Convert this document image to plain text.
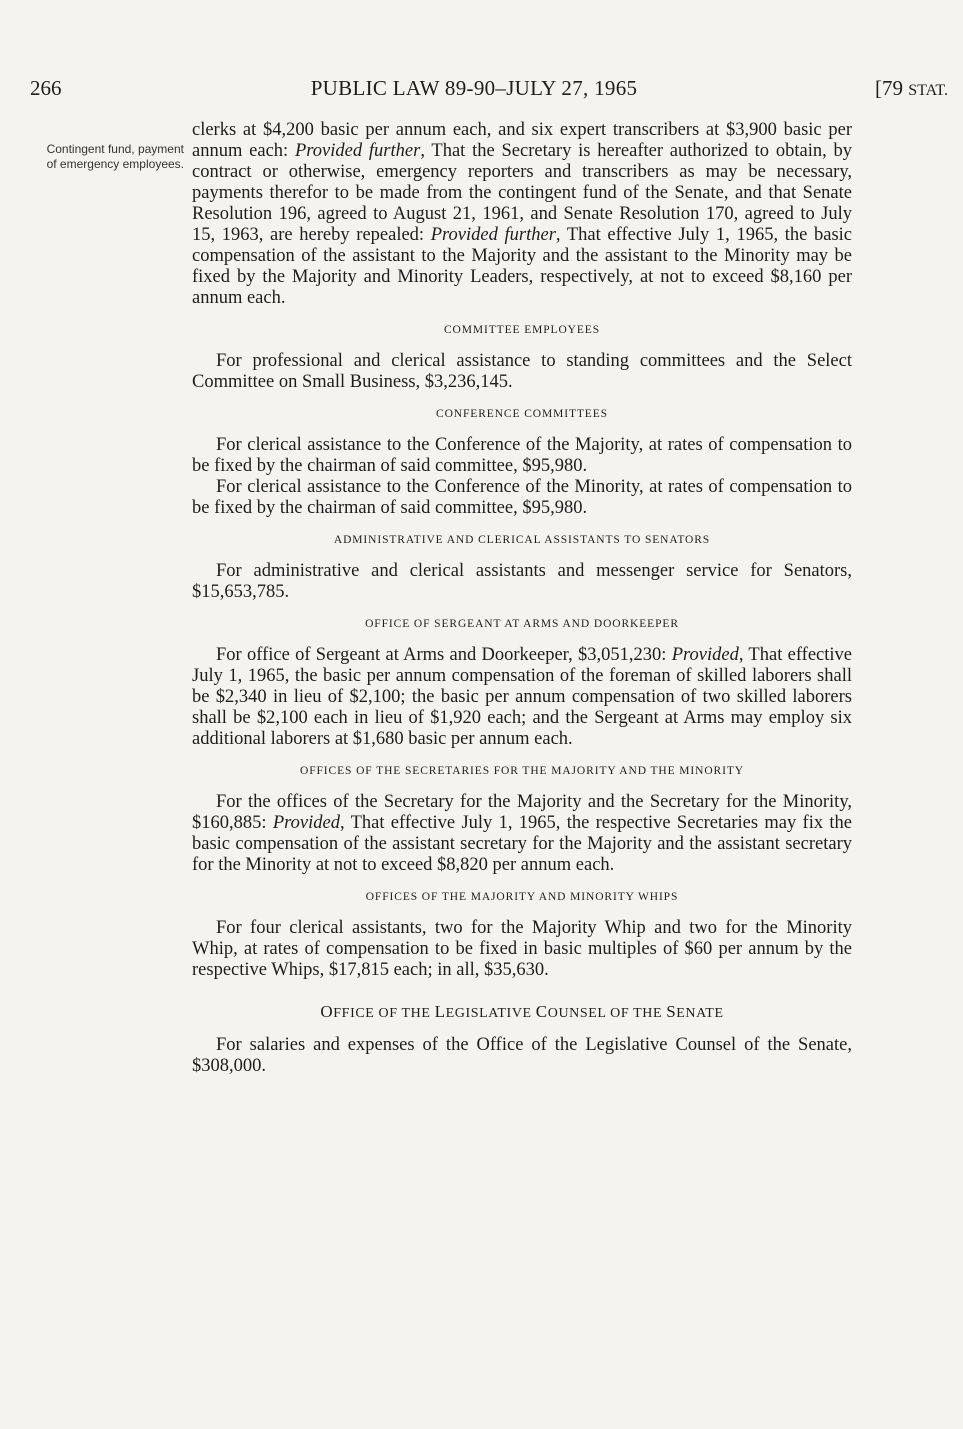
266	PUBLIC LAW 89-90–JULY 27, 1965	[79 STAT.
Contingent fund, payment of emergency employees.

clerks at $4,200 basic per annum each, and six expert transcribers at $3,900 basic per annum each: Provided further, That the Secretary is hereafter authorized to obtain, by contract or otherwise, emergency reporters and transcribers as may be necessary, payments therefor to be made from the contingent fund of the Senate, and that Senate Resolution 196, agreed to August 21, 1961, and Senate Resolution 170, agreed to July 15, 1963, are hereby repealed: Provided further, That effective July 1, 1965, the basic compensation of the assistant to the Majority and the assistant to the Minority may be fixed by the Majority and Minority Leaders, respectively, at not to exceed $8,160 per annum each.

COMMITTEE EMPLOYEES

For professional and clerical assistance to standing committees and the Select Committee on Small Business, $3,236,145.

CONFERENCE COMMITTEES

For clerical assistance to the Conference of the Majority, at rates of compensation to be fixed by the chairman of said committee, $95,980.

For clerical assistance to the Conference of the Minority, at rates of compensation to be fixed by the chairman of said committee, $95,980.

ADMINISTRATIVE AND CLERICAL ASSISTANTS TO SENATORS

For administrative and clerical assistants and messenger service for Senators, $15,653,785.

OFFICE OF SERGEANT AT ARMS AND DOORKEEPER

For office of Sergeant at Arms and Doorkeeper, $3,051,230: Provided, That effective July 1, 1965, the basic per annum compensation of the foreman of skilled laborers shall be $2,340 in lieu of $2,100; the basic per annum compensation of two skilled laborers shall be $2,100 each in lieu of $1,920 each; and the Sergeant at Arms may employ six additional laborers at $1,680 basic per annum each.

OFFICES OF THE SECRETARIES FOR THE MAJORITY AND THE MINORITY

For the offices of the Secretary for the Majority and the Secretary for the Minority, $160,885: Provided, That effective July 1, 1965, the respective Secretaries may fix the basic compensation of the assistant secretary for the Majority and the assistant secretary for the Minority at not to exceed $8,820 per annum each.

OFFICES OF THE MAJORITY AND MINORITY WHIPS

For four clerical assistants, two for the Majority Whip and two for the Minority Whip, at rates of compensation to be fixed in basic multiples of $60 per annum by the respective Whips, $17,815 each; in all, $35,630.

OFFICE OF THE LEGISLATIVE COUNSEL OF THE SENATE

For salaries and expenses of the Office of the Legislative Counsel of the Senate, $308,000.
